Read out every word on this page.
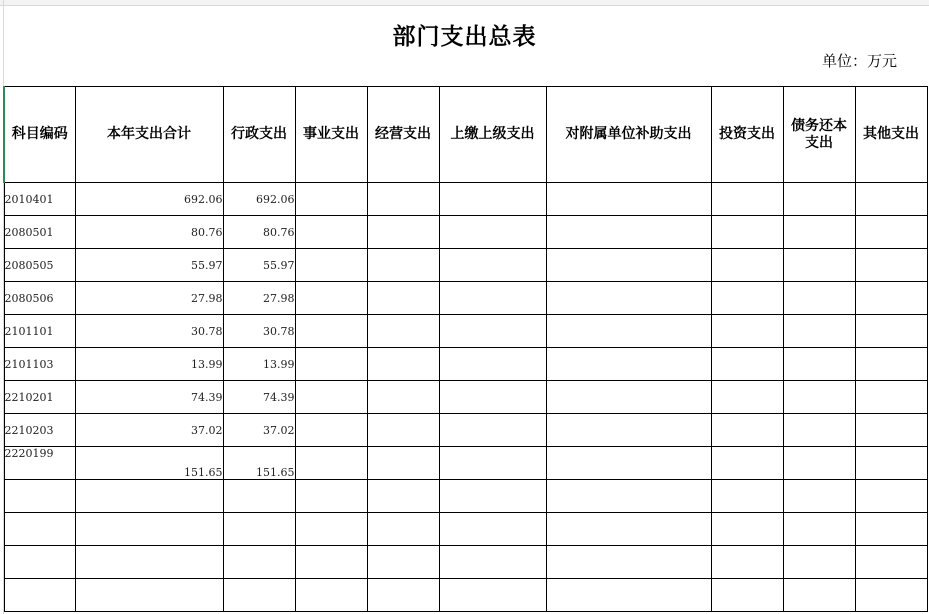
部门支出总表
单位：万元
科目编码	本年支出合计	行政支出	事业支出	经营支出	上缴上级支出	对附属单位补助支出	投资支出	债务还本支出	其他支出
2010401	692.06	692.06							
2080501	80.76	80.76							
2080505	55.97	55.97							
2080506	27.98	27.98							
2101101	30.78	30.78							
2101103	13.99	13.99							
2210201	74.39	74.39							
2210203	37.02	37.02							
2220199	151.65	151.65							
